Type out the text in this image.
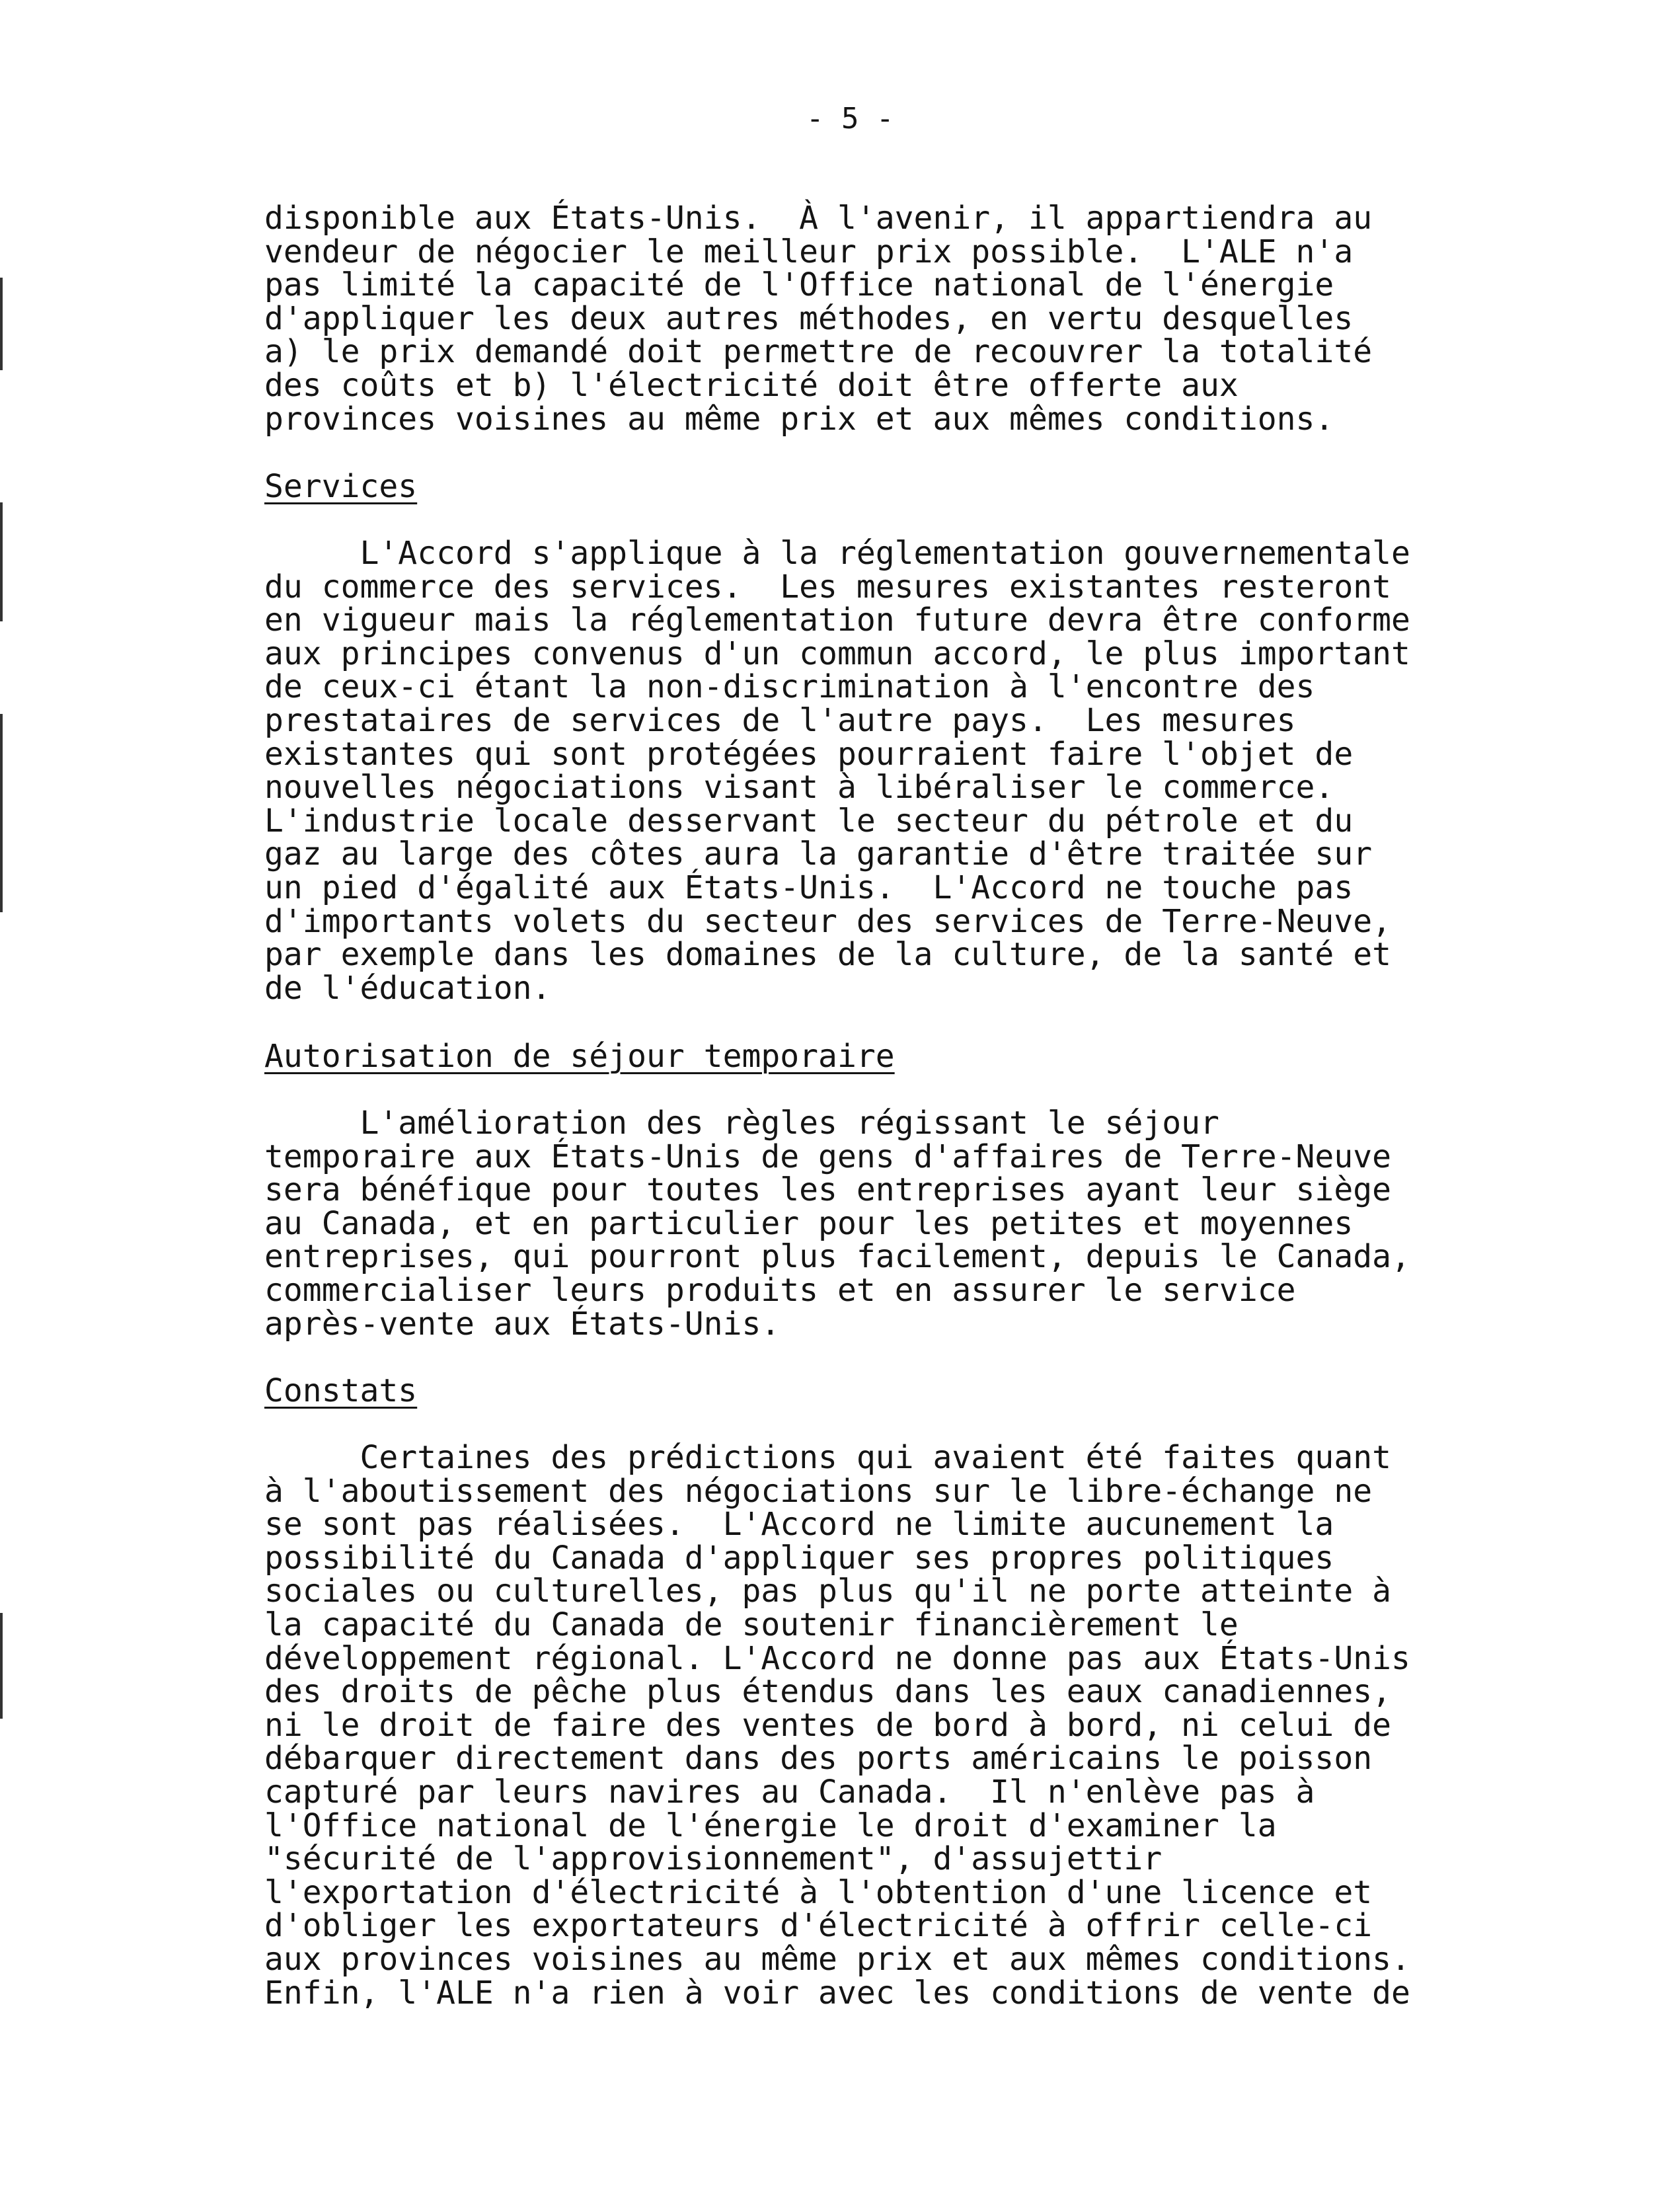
- 5 -
disponible aux États-Unis.  À l'avenir, il appartiendra au
vendeur de négocier le meilleur prix possible.  L'ALE n'a
pas limité la capacité de l'Office national de l'énergie
d'appliquer les deux autres méthodes, en vertu desquelles
a) le prix demandé doit permettre de recouvrer la totalité
des coûts et b) l'électricité doit être offerte aux
provinces voisines au même prix et aux mêmes conditions.
Services
L'Accord s'applique à la réglementation gouvernementale
du commerce des services.  Les mesures existantes resteront
en vigueur mais la réglementation future devra être conforme
aux principes convenus d'un commun accord, le plus important
de ceux-ci étant la non-discrimination à l'encontre des
prestataires de services de l'autre pays.  Les mesures
existantes qui sont protégées pourraient faire l'objet de
nouvelles négociations visant à libéraliser le commerce.
L'industrie locale desservant le secteur du pétrole et du
gaz au large des côtes aura la garantie d'être traitée sur
un pied d'égalité aux États-Unis.  L'Accord ne touche pas
d'importants volets du secteur des services de Terre-Neuve,
par exemple dans les domaines de la culture, de la santé et
de l'éducation.
Autorisation de séjour temporaire
L'amélioration des règles régissant le séjour
temporaire aux États-Unis de gens d'affaires de Terre-Neuve
sera bénéfique pour toutes les entreprises ayant leur siège
au Canada, et en particulier pour les petites et moyennes
entreprises, qui pourront plus facilement, depuis le Canada,
commercialiser leurs produits et en assurer le service
après-vente aux États-Unis.
Constats
Certaines des prédictions qui avaient été faites quant
à l'aboutissement des négociations sur le libre-échange ne
se sont pas réalisées.  L'Accord ne limite aucunement la
possibilité du Canada d'appliquer ses propres politiques
sociales ou culturelles, pas plus qu'il ne porte atteinte à
la capacité du Canada de soutenir financièrement le
développement régional. L'Accord ne donne pas aux États-Unis
des droits de pêche plus étendus dans les eaux canadiennes,
ni le droit de faire des ventes de bord à bord, ni celui de
débarquer directement dans des ports américains le poisson
capturé par leurs navires au Canada.  Il n'enlève pas à
l'Office national de l'énergie le droit d'examiner la
"sécurité de l'approvisionnement", d'assujettir
l'exportation d'électricité à l'obtention d'une licence et
d'obliger les exportateurs d'électricité à offrir celle-ci
aux provinces voisines au même prix et aux mêmes conditions.
Enfin, l'ALE n'a rien à voir avec les conditions de vente de
